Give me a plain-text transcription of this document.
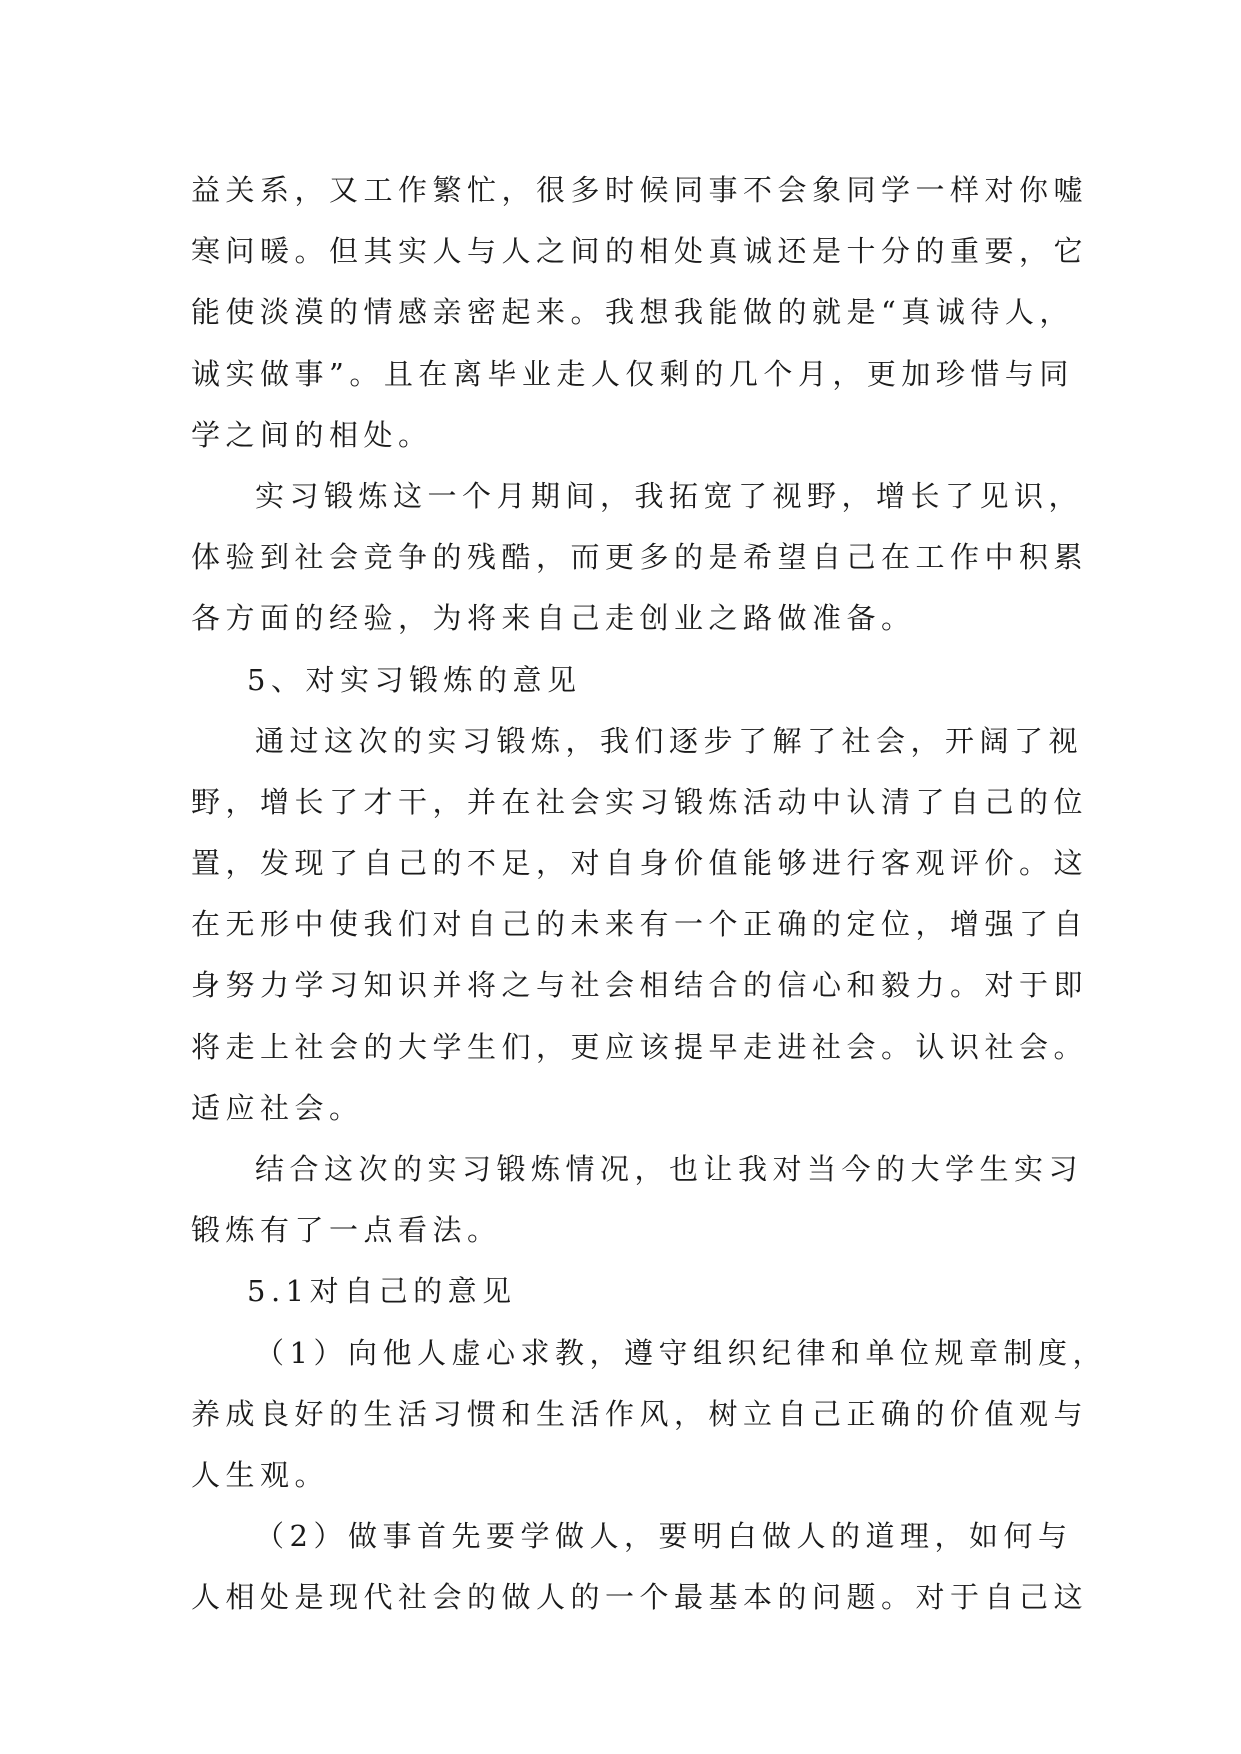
益关系，又工作繁忙，很多时候同事不会象同学一样对你嘘
寒问暖。但其实人与人之间的相处真诚还是十分的重要，它
能使淡漠的情感亲密起来。我想我能做的就是“真诚待人，
诚实做事”。且在离毕业走人仅剩的几个月，更加珍惜与同
学之间的相处。
实习锻炼这一个月期间，我拓宽了视野，增长了见识，
体验到社会竞争的残酷，而更多的是希望自己在工作中积累
各方面的经验，为将来自己走创业之路做准备。
5、对实习锻炼的意见
通过这次的实习锻炼，我们逐步了解了社会，开阔了视
野，增长了才干，并在社会实习锻炼活动中认清了自己的位
置，发现了自己的不足，对自身价值能够进行客观评价。这
在无形中使我们对自己的未来有一个正确的定位，增强了自
身努力学习知识并将之与社会相结合的信心和毅力。对于即
将走上社会的大学生们，更应该提早走进社会。认识社会。
适应社会。
结合这次的实习锻炼情况，也让我对当今的大学生实习
锻炼有了一点看法。
5.1对自己的意见
（1）向他人虚心求教，遵守组织纪律和单位规章制度，
养成良好的生活习惯和生活作风，树立自己正确的价值观与
人生观。
（2）做事首先要学做人，要明白做人的道理，如何与
人相处是现代社会的做人的一个最基本的问题。对于自己这
